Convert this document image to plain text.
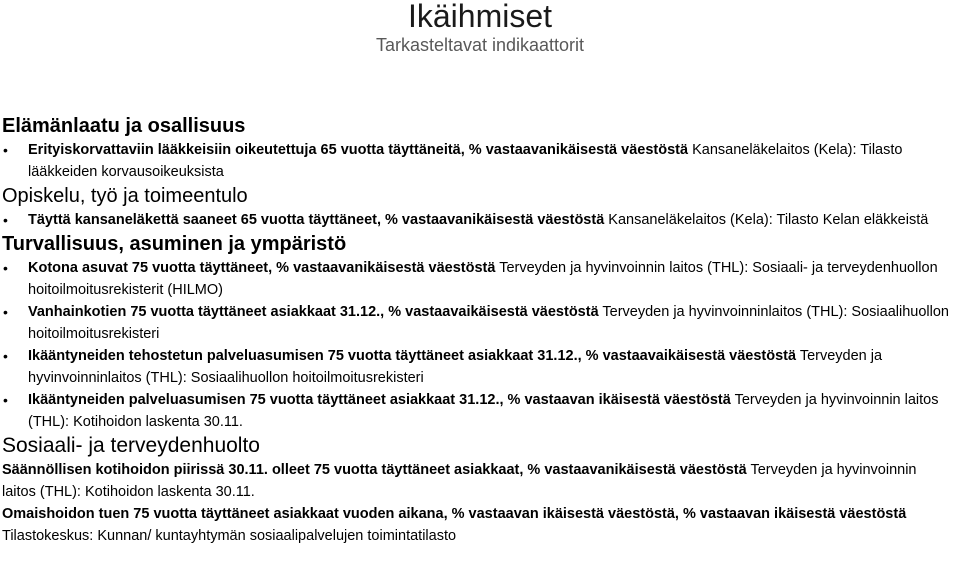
Ikäihmiset
Tarkasteltavat indikaattorit

Elämänlaatu ja osallisuus

• Erityiskorvattaviin lääkkeisiin oikeutettuja 65 vuotta täyttäneitä, % vastaavanikäisestä väestöstä Kansaneläkelaitos (Kela): Tilasto lääkkeiden korvausoikeuksista

Opiskelu, työ ja toimeentulo

• Täyttä kansaneläkettä saaneet 65 vuotta täyttäneet, % vastaavanikäisestä väestöstä Kansaneläkelaitos (Kela): Tilasto Kelan eläkkeistä

Turvallisuus, asuminen ja ympäristö

• Kotona asuvat 75 vuotta täyttäneet, % vastaavanikäisestä väestöstä Terveyden ja hyvinvoinnin laitos (THL): Sosiaali- ja terveydenhuollon hoitoilmoitusrekisterit (HILMO)
• Vanhainkotien 75 vuotta täyttäneet asiakkaat 31.12., % vastaavaikäisestä väestöstä Terveyden ja hyvinvoinninlaitos (THL): Sosiaalihuollon hoitoilmoitusrekisteri
• Ikääntyneiden tehostetun palveluasumisen 75 vuotta täyttäneet asiakkaat 31.12., % vastaavaikäisestä väestöstä Terveyden ja hyvinvoinninlaitos (THL): Sosiaalihuollon hoitoilmoitusrekisteri
• Ikääntyneiden palveluasumisen 75 vuotta täyttäneet asiakkaat 31.12., % vastaavan ikäisestä väestöstä Terveyden ja hyvinvoinnin laitos (THL): Kotihoidon laskenta 30.11.

Sosiaali- ja terveydenhuolto

Säännöllisen kotihoidon piirissä 30.11. olleet 75 vuotta täyttäneet asiakkaat, % vastaavanikäisestä väestöstä Terveyden ja hyvinvoinnin laitos (THL): Kotihoidon laskenta 30.11.

Omaishoidon tuen 75 vuotta täyttäneet asiakkaat vuoden aikana, % vastaavan ikäisestä väestöstä, % vastaavan ikäisestä väestöstä Tilastokeskus: Kunnan/ kuntayhtymän sosiaalipalvelujen toimintatilasto
